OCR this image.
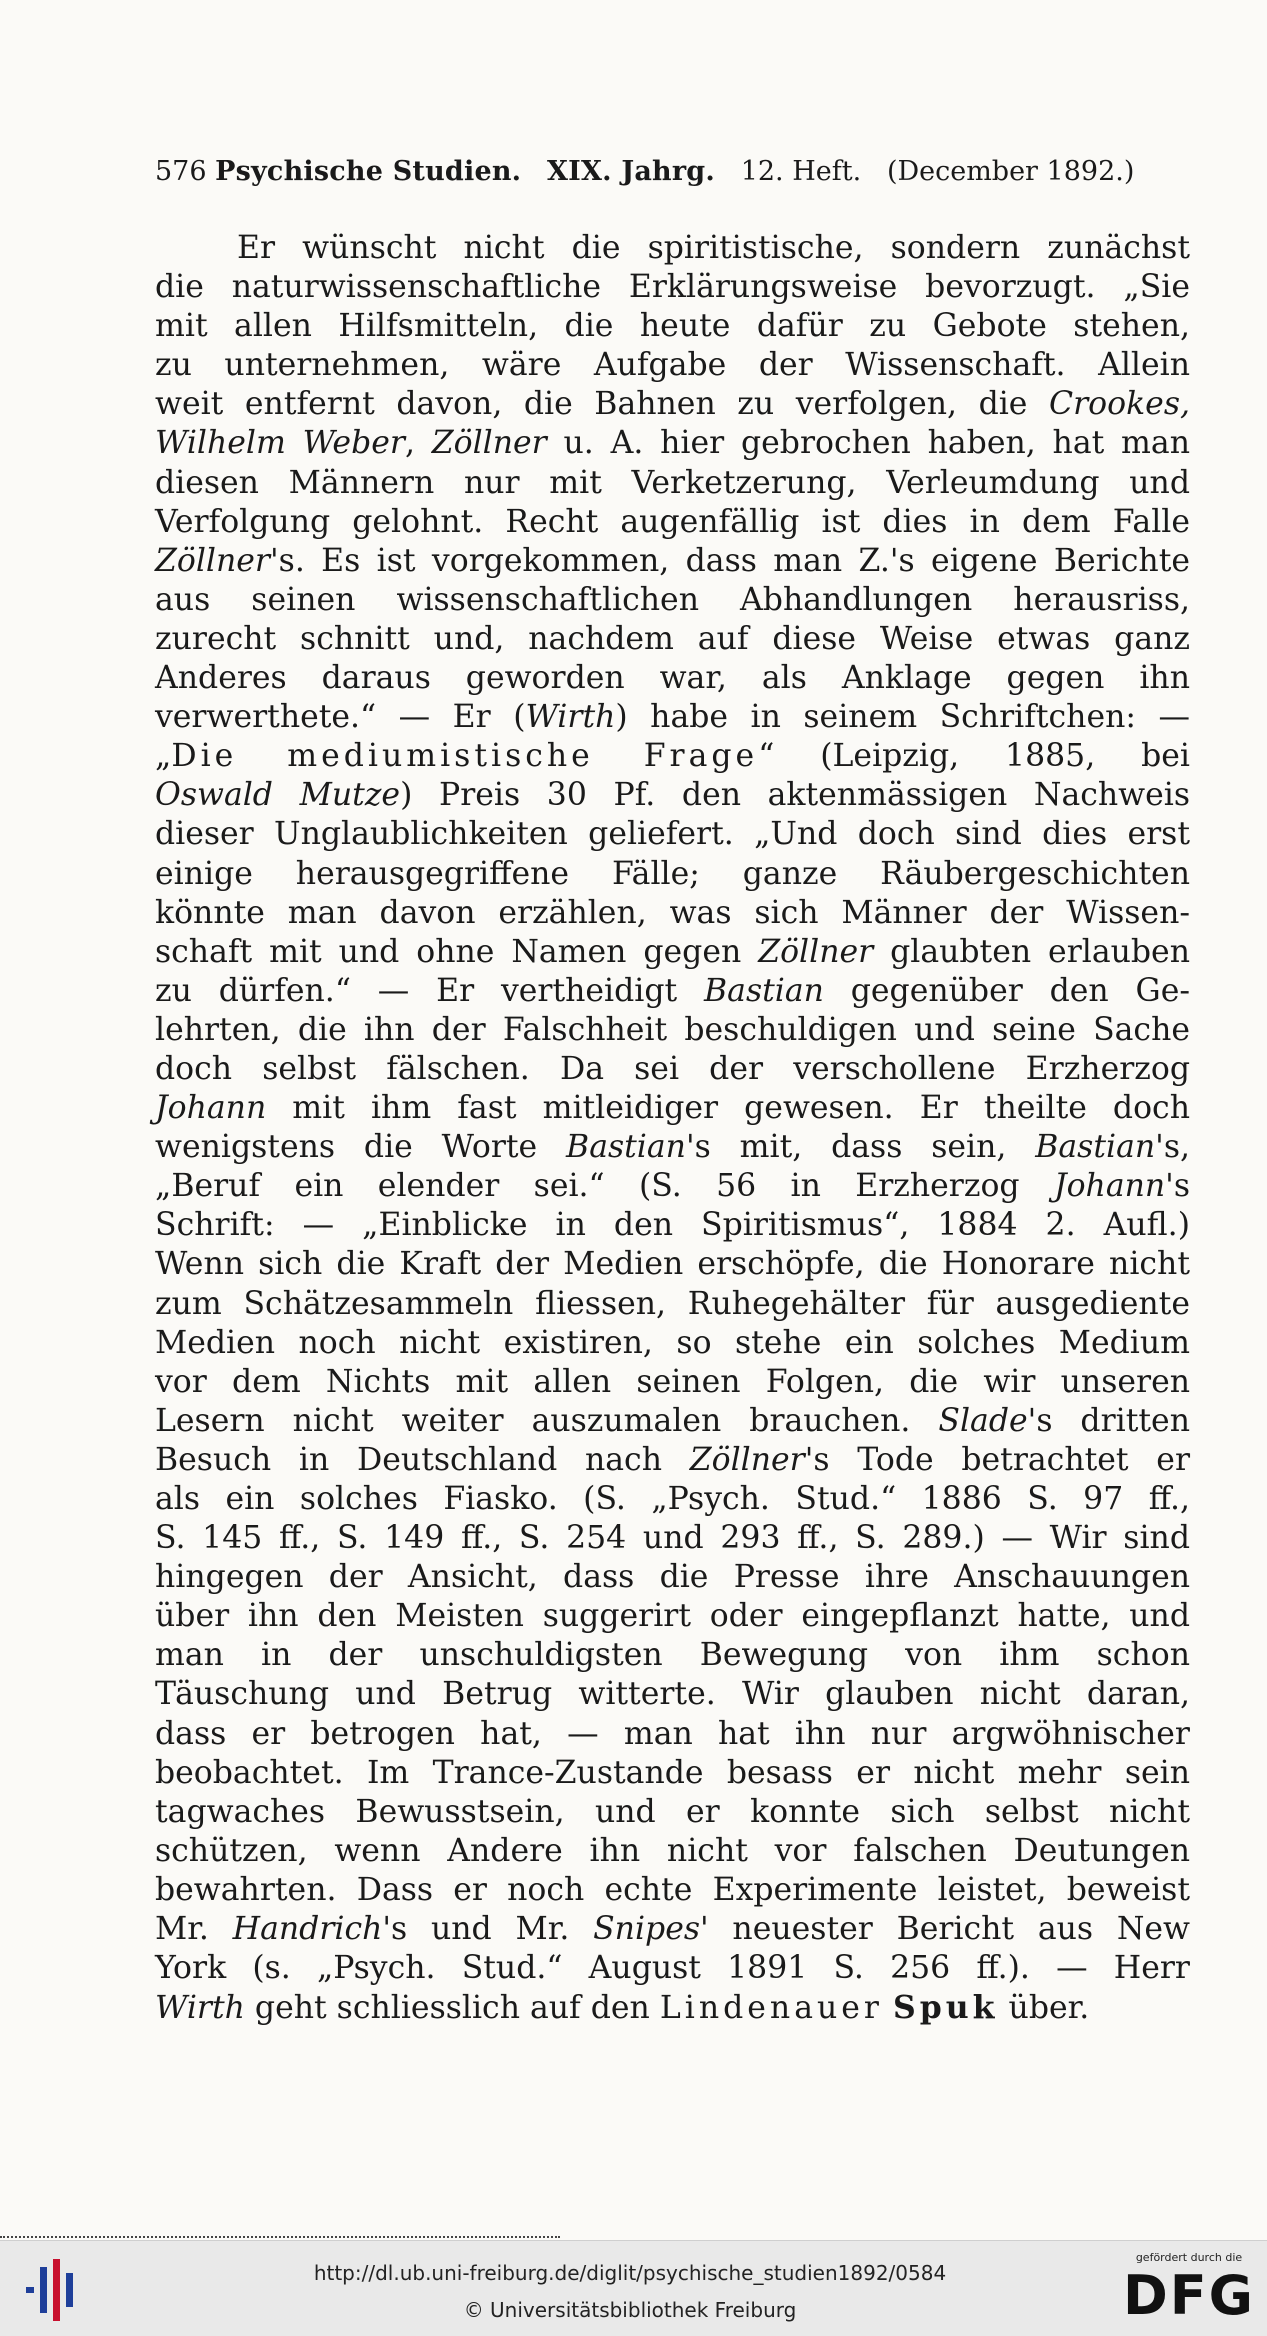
576 Psychische Studien. XIX. Jahrg. 12. Heft. (December 1892.)
Er wünscht nicht die spiritistische, sondern zunächst
die naturwissenschaftliche Erklärungsweise bevorzugt. „Sie
mit allen Hilfsmitteln, die heute dafür zu Gebote stehen,
zu unternehmen, wäre Aufgabe der Wissenschaft. Allein
weit entfernt davon, die Bahnen zu verfolgen, die Crookes,
Wilhelm Weber, Zöllner u. A. hier gebrochen haben, hat man
diesen Männern nur mit Verketzerung, Verleumdung und
Verfolgung gelohnt. Recht augenfällig ist dies in dem Falle
Zöllner's. Es ist vorgekommen, dass man Z.'s eigene Berichte
aus seinen wissenschaftlichen Abhandlungen herausriss,
zurecht schnitt und, nachdem auf diese Weise etwas ganz
Anderes daraus geworden war, als Anklage gegen ihn
verwerthete.“ — Er (Wirth) habe in seinem Schriftchen: —
„Die mediumistische Frage“ (Leipzig, 1885, bei
Oswald Mutze) Preis 30 Pf. den aktenmässigen Nachweis
dieser Unglaublichkeiten geliefert. „Und doch sind dies erst
einige herausgegriffene Fälle; ganze Räubergeschichten
könnte man davon erzählen, was sich Männer der Wissen-
schaft mit und ohne Namen gegen Zöllner glaubten erlauben
zu dürfen.“ — Er vertheidigt Bastian gegenüber den Ge-
lehrten, die ihn der Falschheit beschuldigen und seine Sache
doch selbst fälschen. Da sei der verschollene Erzherzog
Johann mit ihm fast mitleidiger gewesen. Er theilte doch
wenigstens die Worte Bastian's mit, dass sein, Bastian's,
„Beruf ein elender sei.“ (S. 56 in Erzherzog Johann's
Schrift: — „Einblicke in den Spiritismus“, 1884 2. Aufl.)
Wenn sich die Kraft der Medien erschöpfe, die Honorare nicht
zum Schätzesammeln fliessen, Ruhegehälter für ausgediente
Medien noch nicht existiren, so stehe ein solches Medium
vor dem Nichts mit allen seinen Folgen, die wir unseren
Lesern nicht weiter auszumalen brauchen. Slade's dritten
Besuch in Deutschland nach Zöllner's Tode betrachtet er
als ein solches Fiasko. (S. „Psych. Stud.“ 1886 S. 97 ff.,
S. 145 ff., S. 149 ff., S. 254 und 293 ff., S. 289.) — Wir sind
hingegen der Ansicht, dass die Presse ihre Anschauungen
über ihn den Meisten suggerirt oder eingepflanzt hatte, und
man in der unschuldigsten Bewegung von ihm schon
Täuschung und Betrug witterte. Wir glauben nicht daran,
dass er betrogen hat, — man hat ihn nur argwöhnischer
beobachtet. Im Trance-Zustande besass er nicht mehr sein
tagwaches Bewusstsein, und er konnte sich selbst nicht
schützen, wenn Andere ihn nicht vor falschen Deutungen
bewahrten. Dass er noch echte Experimente leistet, beweist
Mr. Handrich's und Mr. Snipes' neuester Bericht aus New
York (s. „Psych. Stud.“ August 1891 S. 256 ff.). — Herr
Wirth geht schliesslich auf den Lindenauer Spuk über.
http://dl.ub.uni-freiburg.de/diglit/psychische_studien1892/0584
© Universitätsbibliothek Freiburg
gefördert durch die
DFG
